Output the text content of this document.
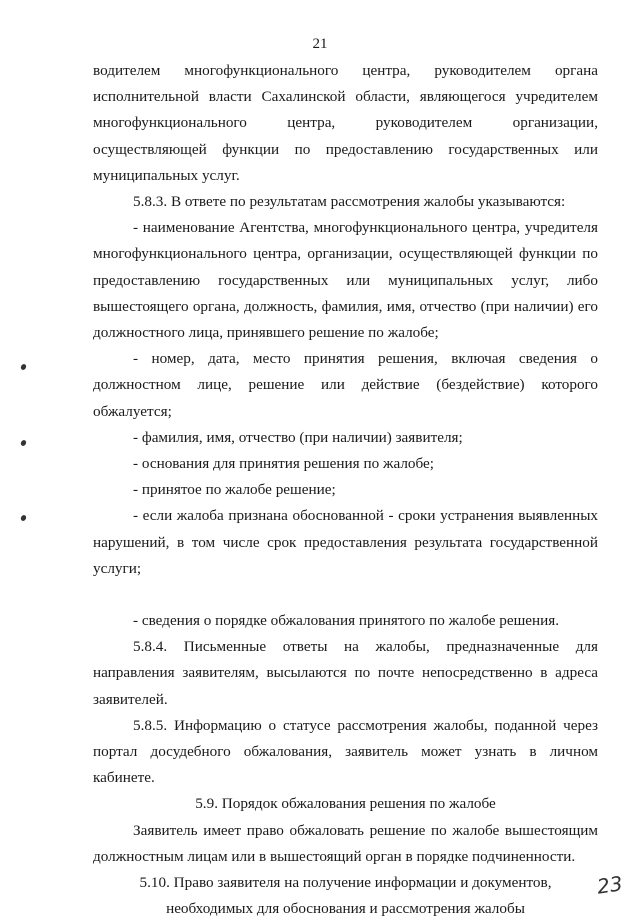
21

водителем многофункционального центра, руководителем органа исполнительной власти Сахалинской области, являющегося учредителем многофункционального центра, руководителем организации, осуществляющей функции по предоставлению государственных или муниципальных услуг.

5.8.3. В ответе по результатам рассмотрения жалобы указываются:

- наименование Агентства, многофункционального центра, учредителя многофункционального центра, организации, осуществляющей функции по предоставлению государственных или муниципальных услуг, либо вышестоящего органа, должность, фамилия, имя, отчество (при наличии) его должностного лица, принявшего решение по жалобе;

- номер, дата, место принятия решения, включая сведения о должностном лице, решение или действие (бездействие) которого обжалуется;

- фамилия, имя, отчество (при наличии) заявителя;

- основания для принятия решения по жалобе;

- принятое по жалобе решение;

- если жалоба признана обоснованной - сроки устранения выявленных нарушений, в том числе срок предоставления результата государственной услуги;

- сведения о порядке обжалования принятого по жалобе решения.

5.8.4. Письменные ответы на жалобы, предназначенные для направления заявителям, высылаются по почте непосредственно в адреса заявителей.

5.8.5. Информацию о статусе рассмотрения жалобы, поданной через портал досудебного обжалования, заявитель может узнать в личном кабинете.

5.9. Порядок обжалования решения по жалобе

Заявитель имеет право обжаловать решение по жалобе вышестоящим должностным лицам или в вышестоящий орган в порядке подчиненности.

5.10. Право заявителя на получение информации и документов,

необходимых для обоснования и рассмотрения жалобы

23
